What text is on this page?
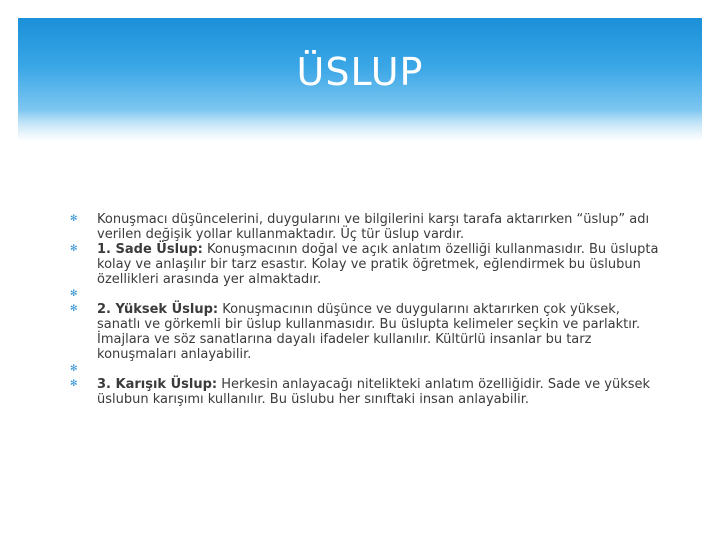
ÜSLUP
✻ Konuşmacı düşüncelerini, duygularını ve bilgilerini karşı tarafa aktarırken “üslup” adı verilen değişik yollar kullanmaktadır. Üç tür üslup vardır.
✻ 1. Sade Üslup: Konuşmacının doğal ve açık anlatım özelliği kullanmasıdır. Bu üslupta kolay ve anlaşılır bir tarz esastır. Kolay ve pratik öğretmek, eğlendirmek bu üslubun özellikleri arasında yer almaktadır.
✻
✻ 2. Yüksek Üslup: Konuşmacının düşünce ve duygularını aktarırken çok yüksek, sanatlı ve görkemli bir üslup kullanmasıdır. Bu üslupta kelimeler seçkin ve parlaktır. İmajlara ve söz sanatlarına dayalı ifadeler kullanılır. Kültürlü insanlar bu tarz konuşmaları anlayabilir.
✻
✻ 3. Karışık Üslup: Herkesin anlayacağı nitelikteki anlatım özelliğidir. Sade ve yüksek üslubun karışımı kullanılır. Bu üslubu her sınıftaki insan anlayabilir.
